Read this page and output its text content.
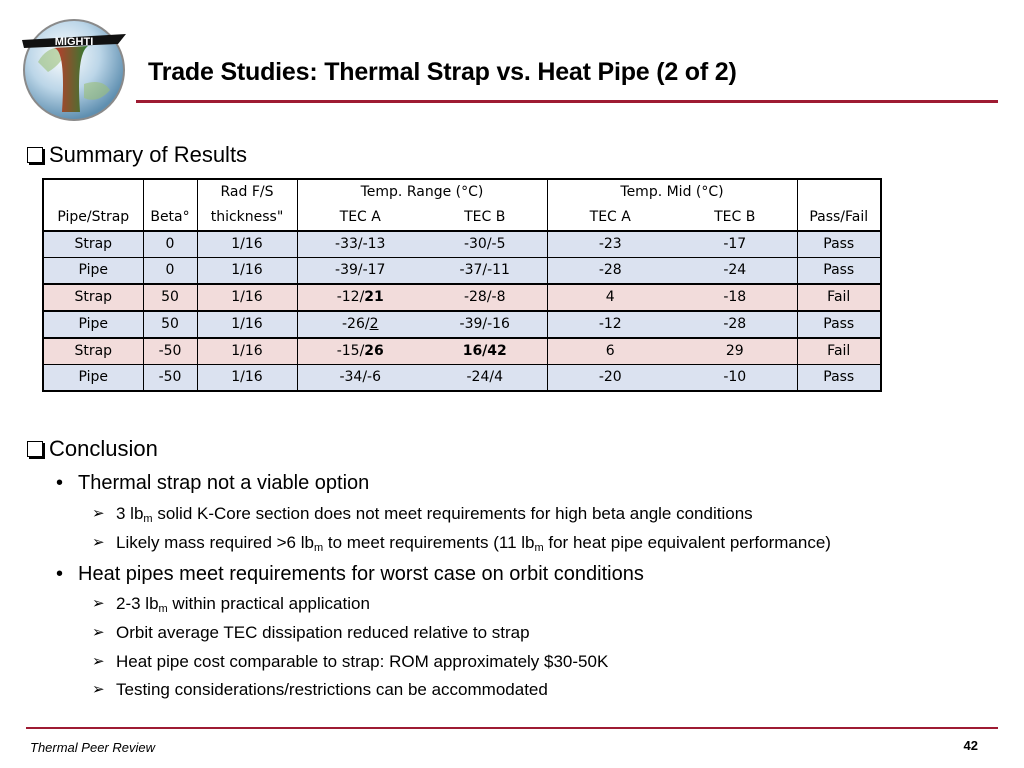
MIGHTI
Trade Studies: Thermal Strap vs. Heat Pipe (2 of 2)
Summary of Results
		Rad F/S	Temp. Range (°C)		Temp. Mid (°C)		
Pipe/Strap	Beta°	thickness"	TEC A	TEC B	TEC A	TEC B	Pass/Fail
Strap	0	1/16	-33/-13	-30/-5	-23	-17	Pass
Pipe	0	1/16	-39/-17	-37/-11	-28	-24	Pass
Strap	50	1/16	-12/21	-28/-8	4	-18	Fail
Pipe	50	1/16	-26/2	-39/-16	-12	-28	Pass
Strap	-50	1/16	-15/26	16/42	6	29	Fail
Pipe	-50	1/16	-34/-6	-24/4	-20	-10	Pass
Conclusion
• Thermal strap not a viable option
➢ 3 $lb_m$ solid K-Core section does not meet requirements for high beta angle conditions
➢ Likely mass required >6 $lb_m$ to meet requirements (11 $lb_m$ for heat pipe equivalent performance)
• Heat pipes meet requirements for worst case on orbit conditions
➢ 2-3 $lb_m$ within practical application
➢ Orbit average TEC dissipation reduced relative to strap
➢ Heat pipe cost comparable to strap: ROM approximately $30-50K
➢ Testing considerations/restrictions can be accommodated
Thermal Peer Review	42
